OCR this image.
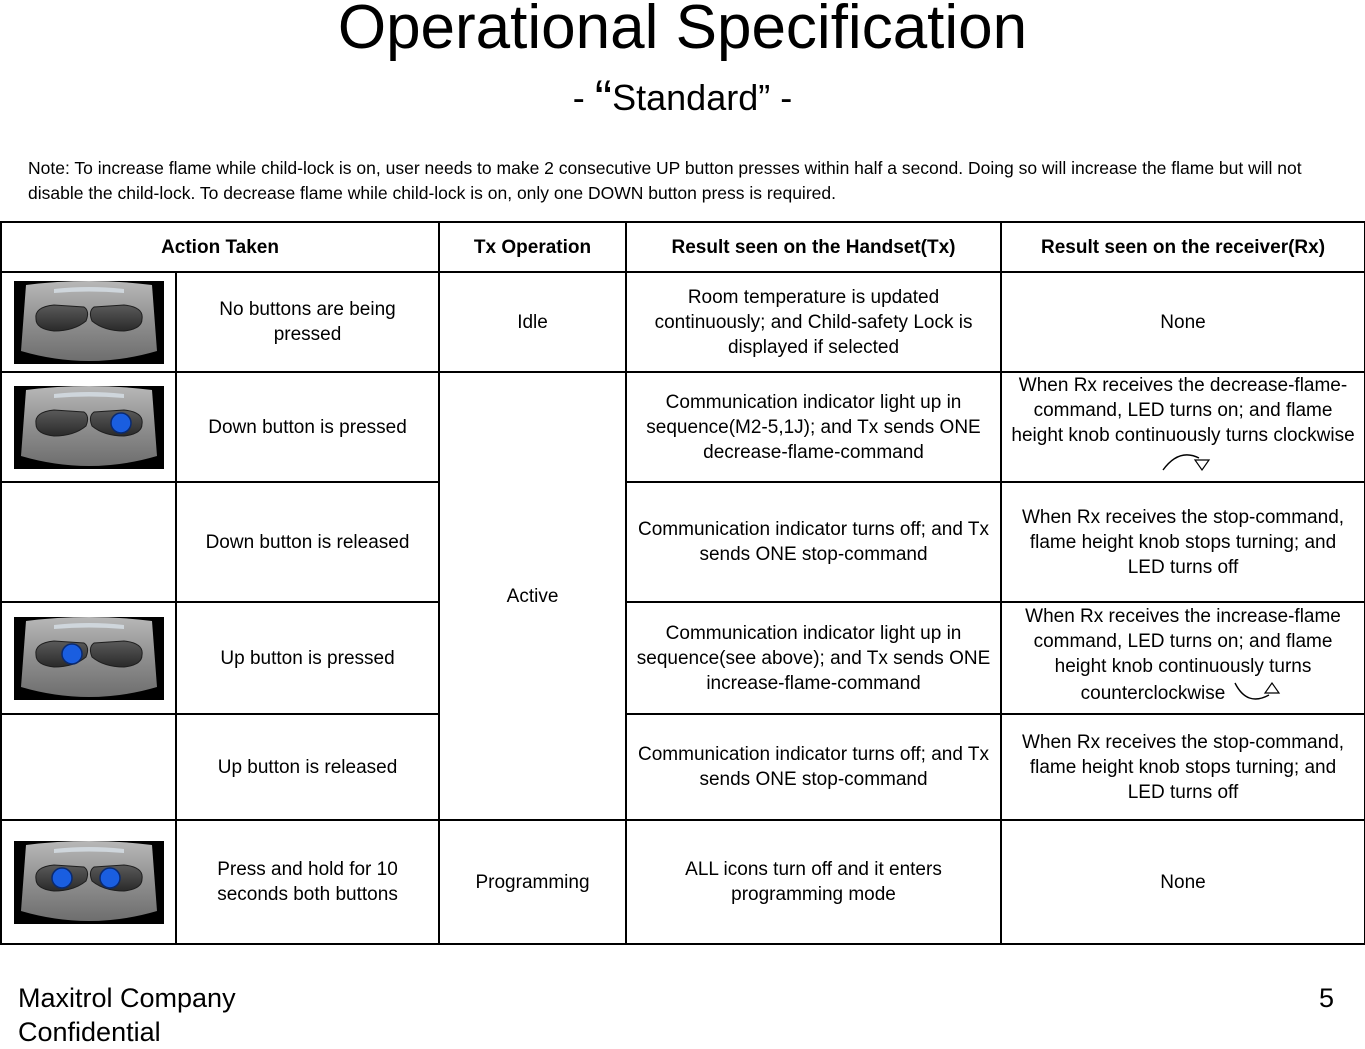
Operational Specification
- “Standard” -
Note: To increase flame while child-lock is on, user needs to make 2 consecutive UP button presses within half a second. Doing so will increase the flame but will not disable the child-lock. To decrease flame while child-lock is on, only one DOWN button press is required.
Action Taken		Tx Operation	Result seen on the Handset(Tx)	Result seen on the receiver(Rx)

	No buttons are being pressed	Idle	Room temperature is updated continuously; and Child-safety Lock is displayed if selected	None

	Down button is pressed	Active	Communication indicator light up in sequence(M2-5,1J); and Tx sends ONE decrease-flame-command	When Rx receives the decrease-flame-command, LED turns on; and flame height knob continuously turns clockwise
	Down button is released		Communication indicator turns off; and Tx sends ONE stop-command	When Rx receives the stop-command, flame height knob stops turning; and LED turns off

	Up button is pressed		Communication indicator light up in sequence(see above); and Tx sends ONE increase-flame-command	When Rx receives the increase-flame command, LED turns on; and flame height knob continuously turns counterclockwise
	Up button is released		Communication indicator turns off; and Tx sends ONE stop-command	When Rx receives the stop-command, flame height knob stops turning; and LED turns off

	Press and hold for 10 seconds both buttons	Programming	ALL icons turn off and it enters programming mode	None
Maxitrol Company
Confidential
5
